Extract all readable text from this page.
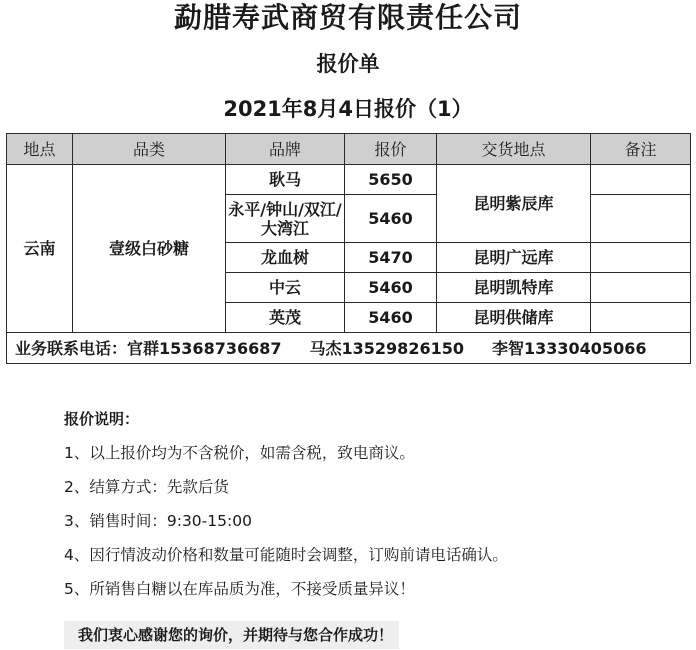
勐腊寿武商贸有限责任公司
报价单
2021年8月4日报价（1）
地点	品类	品牌	报价	交货地点	备注
云南	壹级白砂糖	耿马	5650	昆明紫辰库	
		永平/钟山/双江/大湾江	5460		
		龙血树	5470	昆明广远库	
		中云	5460	昆明凯特库	
		英茂	5460	昆明供储库	
业务联系电话：官群15368736687 马杰13529826150 李智13330405066					
报价说明：
1、以上报价均为不含税价，如需含税，致电商议。
2、结算方式：先款后货
3、销售时间：9:30-15:00
4、因行情波动价格和数量可能随时会调整，订购前请电话确认。
5、所销售白糖以在库品质为准，不接受质量异议！
我们衷心感谢您的询价，并期待与您合作成功！
